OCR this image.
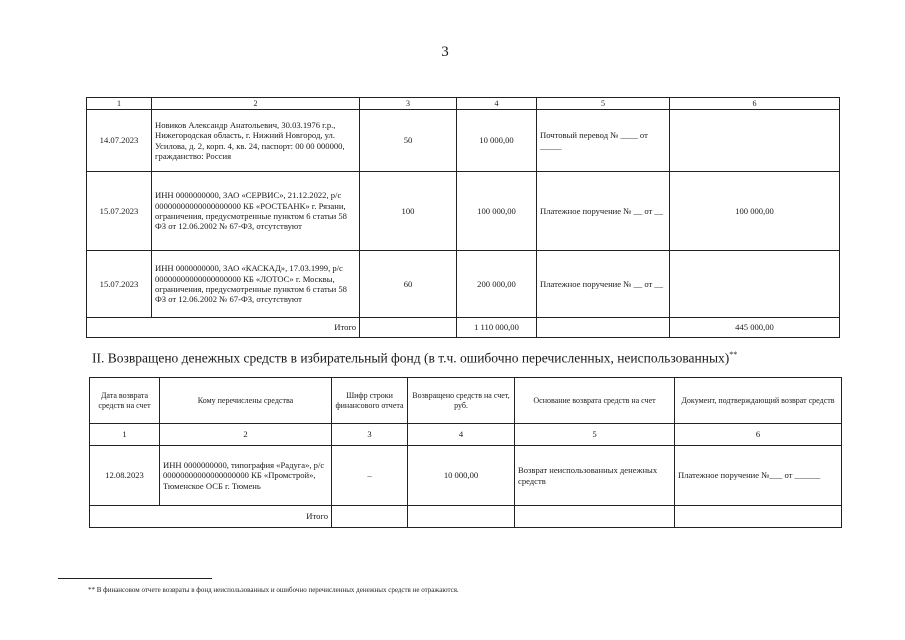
3
1	2	3	4	5	6
14.07.2023	Новиков Александр Анатольевич, 30.03.1976 г.р., Нижегородская область, г. Нижний Новгород, ул. Усилова, д. 2, корп. 4, кв. 24, паспорт: 00 00 000000, гражданство: Россия	50	10 000,00	Почтовый перевод № ____ от _____	
15.07.2023	ИНН 0000000000, ЗАО «СЕРВИС», 21.12.2022, р/с 00000000000000000000 КБ «РОСТБАНК» г. Рязани, ограничения, предусмотренные пунктом 6 статьи 58 ФЗ от 12.06.2002 № 67-ФЗ, отсутствуют	100	100 000,00	Платежное поручение № __ от __	100 000,00
15.07.2023	ИНН 0000000000, ЗАО «КАСКАД», 17.03.1999, р/с 00000000000000000000 КБ «ЛОТОС» г. Москвы, ограничения, предусмотренные пунктом 6 статьи 58 ФЗ от 12.06.2002 № 67-ФЗ, отсутствуют	60	200 000,00	Платежное поручение № __ от __	
Итого			1 110 000,00		445 000,00
II. Возвращено денежных средств в избирательный фонд (в т.ч. ошибочно перечисленных, неиспользованных)**
Дата возврата средств на счет	Кому перечислены средства	Шифр строки финансового отчета	Возвращено средств на счет, руб.	Основание возврата средств на счет	Документ, подтверждающий возврат средств
1	2	3	4	5	6
12.08.2023	ИНН 0000000000, типография «Радуга», р/с 00000000000000000000 КБ «Промстрой», Тюменское ОСБ г. Тюмень	–	10 000,00	Возврат неиспользованных денежных средств	Платежное поручение №___ от ______
Итого					
** В финансовом отчете возвраты в фонд неиспользованных и ошибочно перечисленных денежных средств не отражаются.
